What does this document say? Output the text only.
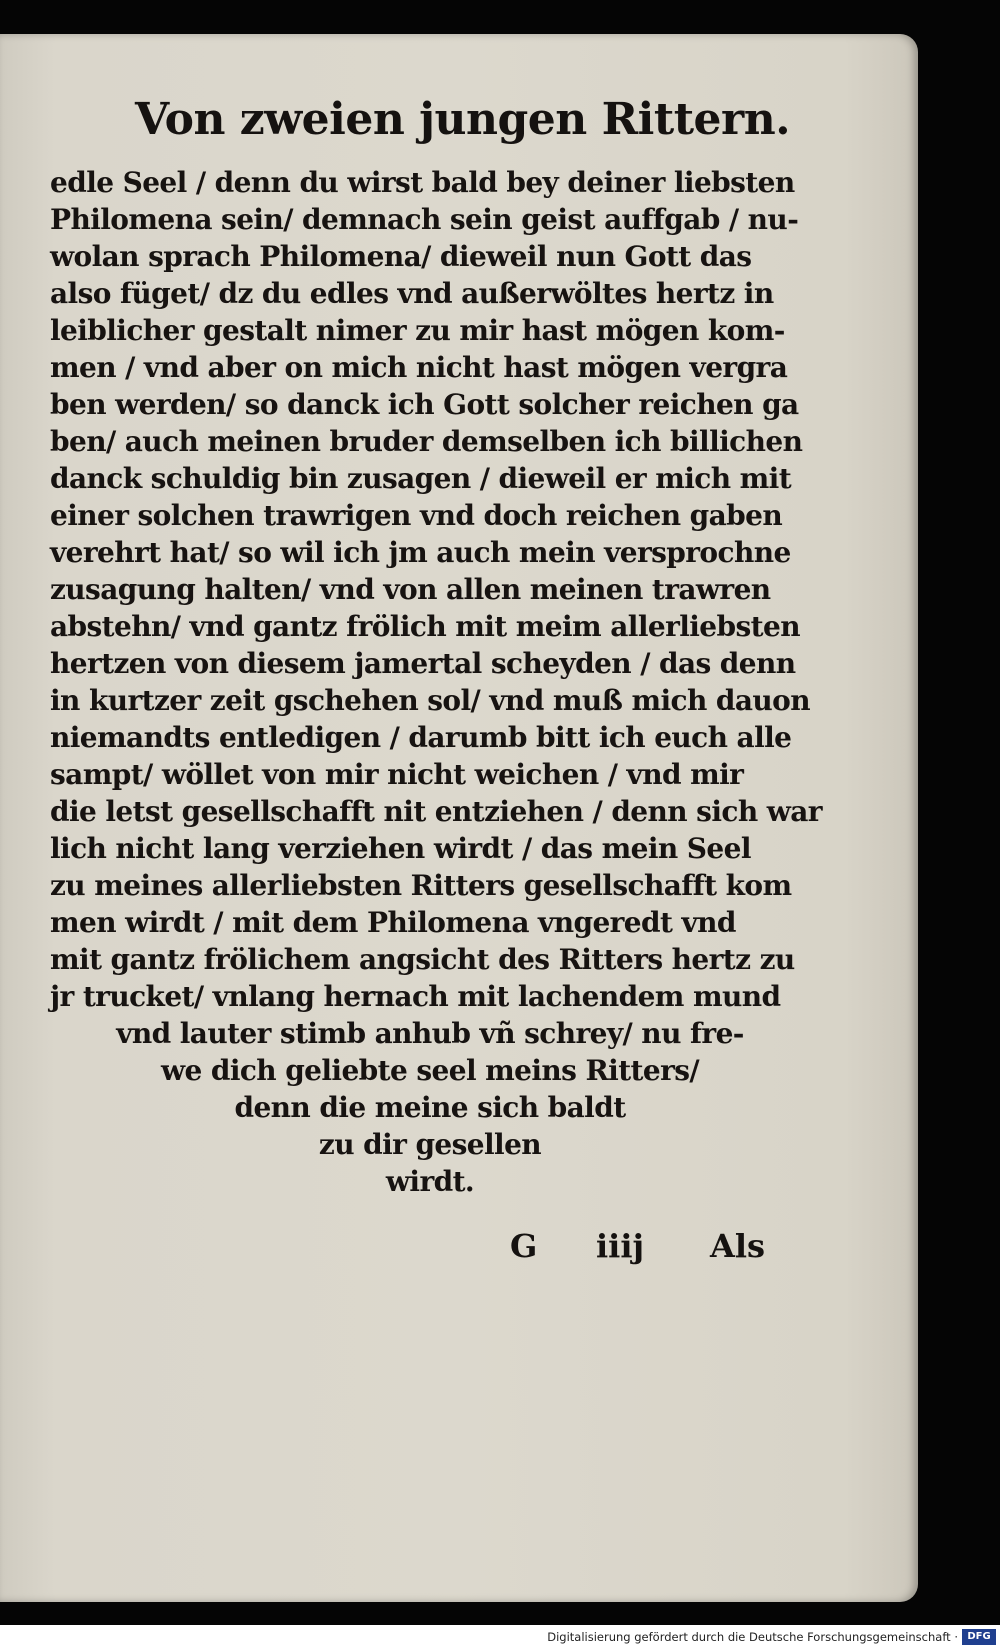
Von zweien jungen Rittern.
edle Seel / denn du wirst bald bey deiner liebsten
Philomena sein/ demnach sein geist auffgab / nu-
wolan sprach Philomena/ dieweil nun Gott das
also füget/ dz du edles vnd außerwöltes hertz in
leiblicher gestalt nimer zu mir hast mögen kom-
men / vnd aber on mich nicht hast mögen vergra
ben werden/ so danck ich Gott solcher reichen ga
ben/ auch meinen bruder demselben ich billichen
danck schuldig bin zusagen / dieweil er mich mit
einer solchen trawrigen vnd doch reichen gaben
verehrt hat/ so wil ich jm auch mein versprochne
zusagung halten/ vnd von allen meinen trawren
abstehn/ vnd gantz frölich mit meim allerliebsten
hertzen von diesem jamertal scheyden / das denn
in kurtzer zeit gschehen sol/ vnd muß mich dauon
niemandts entledigen / darumb bitt ich euch alle
sampt/ wöllet von mir nicht weichen / vnd mir
die letst gesellschafft nit entziehen / denn sich war
lich nicht lang verziehen wirdt / das mein Seel
zu meines allerliebsten Ritters gesellschafft kom
men wirdt / mit dem Philomena vngeredt vnd
mit gantz frölichem angsicht des Ritters hertz zu
jr trucket/ vnlang hernach mit lachendem mund
vnd lauter stimb anhub vñ schrey/ nu fre-
we dich geliebte seel meins Ritters/
denn die meine sich baldt
zu dir gesellen
wirdt.
G iiij Als
Digitalisierung gefördert durch die Deutsche Forschungsgemeinschaft · DFG
